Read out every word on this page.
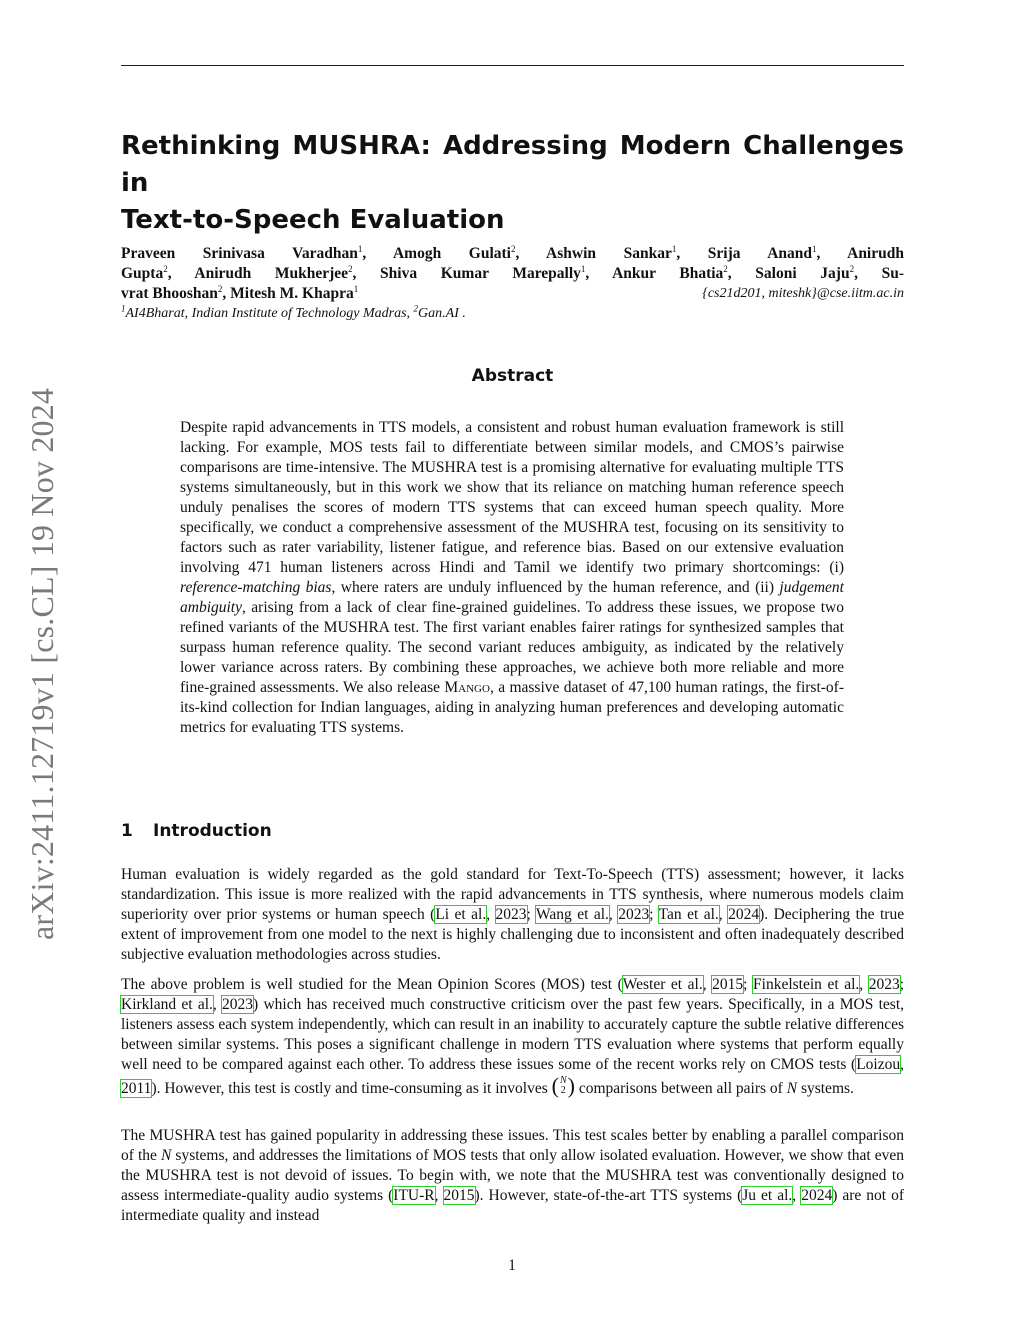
arXiv:2411.12719v1 [cs.CL] 19 Nov 2024
Rethinking MUSHRA: Addressing Modern Challenges in
Text-to-Speech Evaluation
Praveen Srinivasa Varadhan$^1$, Amogh Gulati$^2$, Ashwin Sankar$^1$, Srija Anand$^1$, Anirudh
Gupta$^2$, Anirudh Mukherjee$^2$, Shiva Kumar Marepally$^1$, Ankur Bhatia$^2$, Saloni Jaju$^2$, Su-
vrat Bhooshan$^2$, Mitesh M. Khapra$^1$	{cs21d201, miteshk}@cse.iitm.ac.in
$^1$AI4Bharat, Indian Institute of Technology Madras, $^2$Gan.AI .
Abstract

Despite rapid advancements in TTS models, a consistent and robust human evaluation framework is still lacking. For example, MOS tests fail to differentiate between similar models, and CMOS’s pairwise comparisons are time-intensive. The MUSHRA test is a promising alternative for evaluating multiple TTS systems simultaneously, but in this work we show that its reliance on matching human reference speech unduly penalises the scores of modern TTS systems that can exceed human speech quality. More specifically, we conduct a comprehensive assessment of the MUSHRA test, focusing on its sensitivity to factors such as rater variability, listener fatigue, and reference bias. Based on our extensive evaluation involving 471 human listeners across Hindi and Tamil we identify two primary shortcomings: (i) reference-matching bias, where raters are unduly influenced by the human reference, and (ii) judgement ambiguity, arising from a lack of clear fine-grained guidelines. To address these issues, we propose two refined variants of the MUSHRA test. The first variant enables fairer ratings for synthesized samples that surpass human reference quality. The second variant reduces ambiguity, as indicated by the relatively lower variance across raters. By combining these approaches, we achieve both more reliable and more fine-grained assessments. We also release Mango, a massive dataset of 47,100 human ratings, the first-of-its-kind collection for Indian languages, aiding in analyzing human preferences and developing automatic metrics for evaluating TTS systems.

1 Introduction

Human evaluation is widely regarded as the gold standard for Text-To-Speech (TTS) assessment; however, it lacks standardization. This issue is more realized with the rapid advancements in TTS synthesis, where numerous models claim superiority over prior systems or human speech (Li et al., 2023; Wang et al., 2023; Tan et al., 2024). Deciphering the true extent of improvement from one model to the next is highly challenging due to inconsistent and often inadequately described subjective evaluation methodologies across studies.

The above problem is well studied for the Mean Opinion Scores (MOS) test (Wester et al., 2015; Finkelstein et al., 2023; Kirkland et al., 2023) which has received much constructive criticism over the past few years. Specifically, in a MOS test, listeners assess each system independently, which can result in an inability to accurately capture the subtle relative differences between similar systems. This poses a significant challenge in modern TTS evaluation where systems that perform equally well need to be compared against each other. To address these issues some of the recent works rely on CMOS tests (Loizou, 2011). However, this test is costly and time-consuming as it involves ( N
2 ) comparisons between all pairs of N systems.

The MUSHRA test has gained popularity in addressing these issues. This test scales better by enabling a parallel comparison of the N systems, and addresses the limitations of MOS tests that only allow isolated evaluation. However, we show that even the MUSHRA test is not devoid of issues. To begin with, we note that the MUSHRA test was conventionally designed to assess intermediate-quality audio systems (ITU-R, 2015). However, state-of-the-art TTS systems (Ju et al., 2024) are not of intermediate quality and instead

1
